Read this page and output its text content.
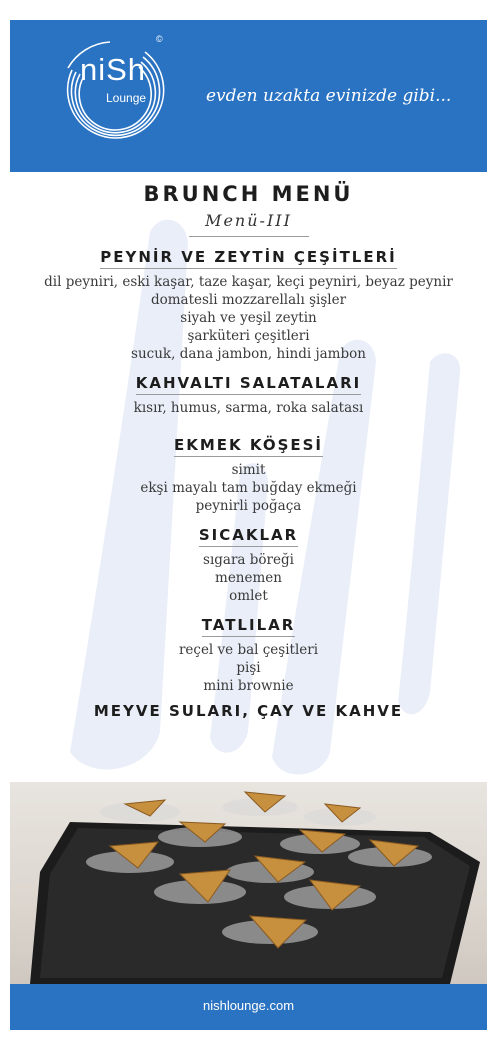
niSh
Lounge
©
evden uzakta evinizde gibi...
BRUNCH MENÜ
Menü-III
PEYNİR VE ZEYTİN ÇEŞİTLERİ
dil peyniri, eski kaşar, taze kaşar, keçi peyniri, beyaz peynir
domatesli mozzarellalı şişler
siyah ve yeşil zeytin
şarküteri çeşitleri
sucuk, dana jambon, hindi jambon
KAHVALTI SALATALARI
kısır, humus, sarma, roka salatası
EKMEK KÖŞESİ
simit
ekşi mayalı tam buğday ekmeği
peynirli poğaça
SICAKLAR
sıgara böreği
menemen
omlet
TATLILAR
reçel ve bal çeşitleri
pişi
mini brownie
MEYVE SULARI, ÇAY VE KAHVE
nishlounge.com
